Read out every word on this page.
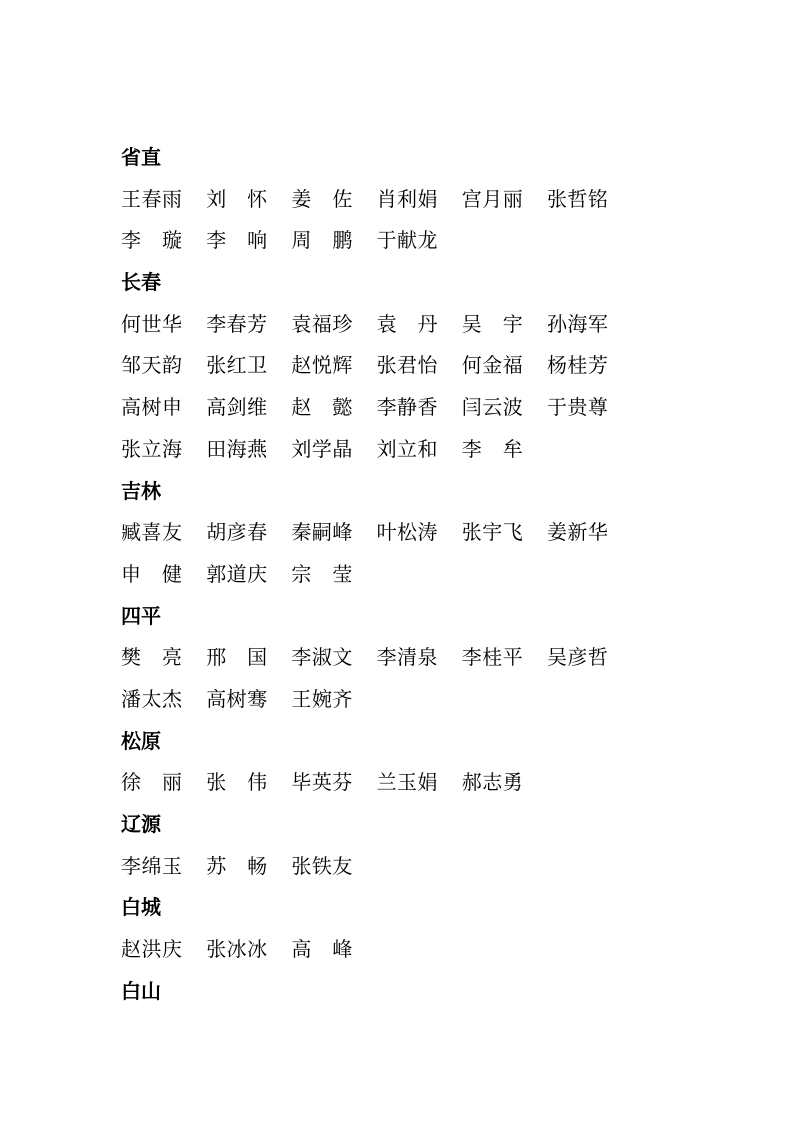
省直
王春雨	刘　怀	姜　佐	肖利娟	宫月丽	张哲铭
李　璇	李　响	周　鹏	于献龙
长春
何世华	李春芳	袁福珍	袁　丹	吴　宇	孙海军
邹天韵	张红卫	赵悦辉	张君怡	何金福	杨桂芳
高树申	高剑维	赵　懿	李静香	闫云波	于贵尊
张立海	田海燕	刘学晶	刘立和	李　牟
吉林
臧喜友	胡彦春	秦嗣峰	叶松涛	张宇飞	姜新华
申　健	郭道庆	宗　莹
四平
樊　亮	邢　国	李淑文	李清泉	李桂平	吴彦哲
潘太杰	高树骞	王婉齐
松原
徐　丽	张　伟	毕英芬	兰玉娟	郝志勇
辽源
李绵玉	苏　畅	张铁友
白城
赵洪庆	张冰冰	高　峰
白山
